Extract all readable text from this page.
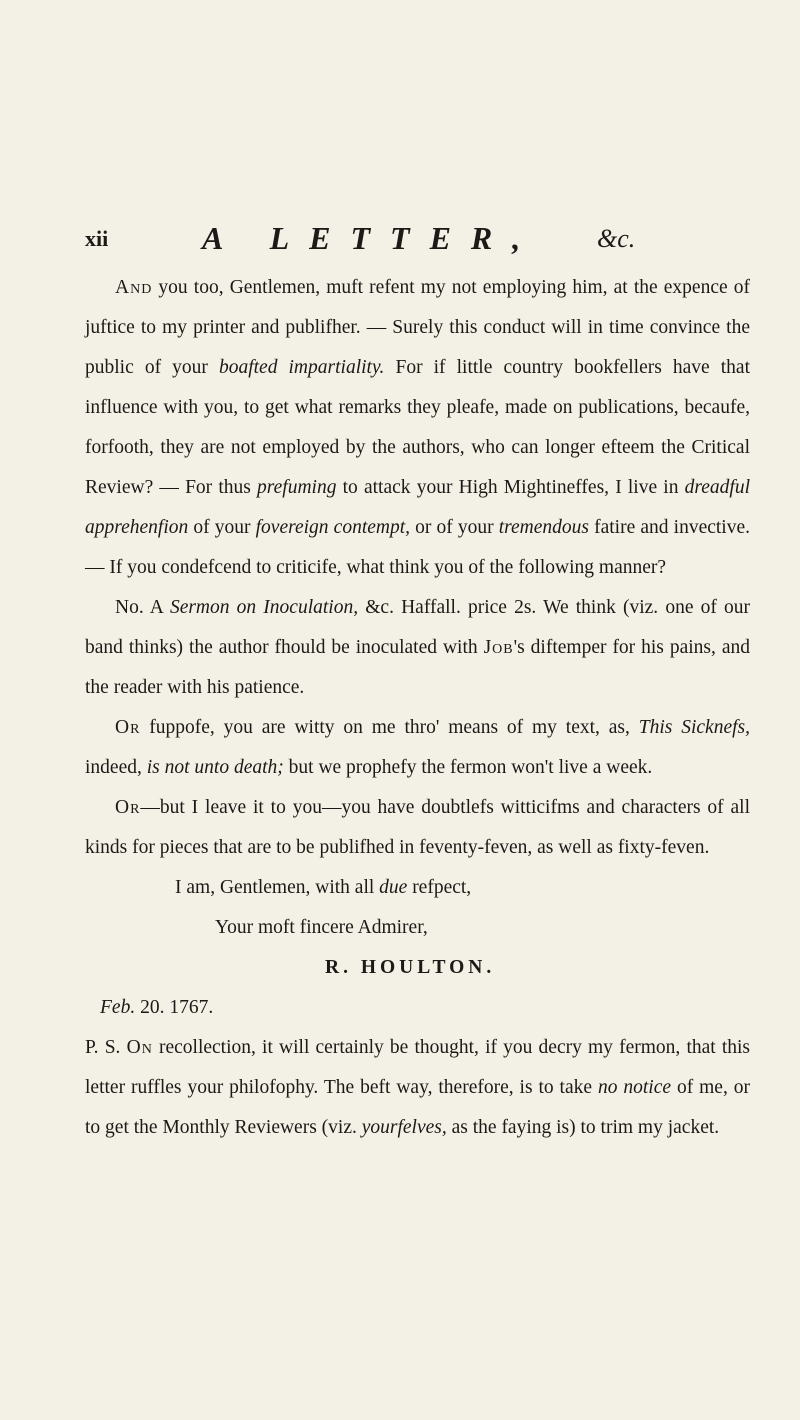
xii	A LETTER, &c.

And you too, Gentlemen, muft refent my not employing him, at the expence of juftice to my printer and publifher. — Surely this conduct will in time convince the public of your boafted impartiality. For if little country bookfellers have that influence with you, to get what remarks they pleafe, made on publications, becaufe, forfooth, they are not employed by the authors, who can longer efteem the Critical Review? — For thus prefuming to attack your High Mightineffes, I live in dreadful apprehenfion of your fovereign contempt, or of your tremendous fatire and invective. — If you condefcend to criticife, what think you of the following manner?

No. A Sermon on Inoculation, &c. Haffall. price 2s. We think (viz. one of our band thinks) the author fhould be inoculated with Job's diftemper for his pains, and the reader with his patience.

Or fuppofe, you are witty on me thro' means of my text, as, This Sicknefs, indeed, is not unto death; but we prophefy the fermon won't live a week.

Or—but I leave it to you—you have doubtlefs witticifms and characters of all kinds for pieces that are to be publifhed in feventy-feven, as well as fixty-feven.

I am, Gentlemen, with all due refpect,

Your moft fincere Admirer,

R. HOULTON.

Feb. 20. 1767.

P. S. On recollection, it will certainly be thought, if you decry my fermon, that this letter ruffles your philofophy. The beft way, therefore, is to take no notice of me, or to get the Monthly Reviewers (viz. yourfelves, as the faying is) to trim my jacket.
